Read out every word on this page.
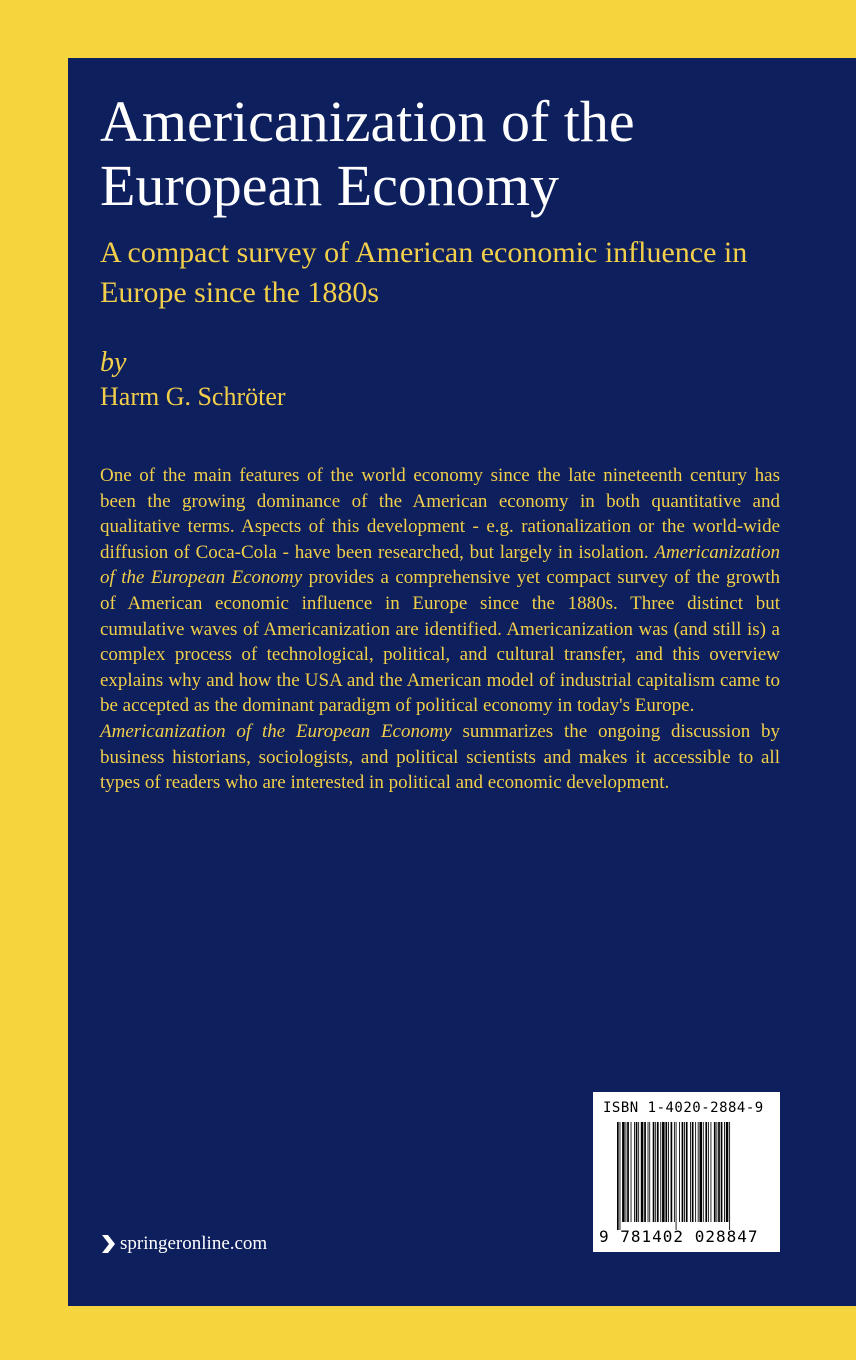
Americanization of the European Economy

A compact survey of American economic influence in Europe since the 1880s

by
Harm G. Schröter

One of the main features of the world economy since the late nineteenth century has been the growing dominance of the American economy in both quantitative and qualitative terms. Aspects of this development - e.g. rationalization or the world-wide diffusion of Coca-Cola - have been researched, but largely in isolation. Americanization of the European Economy provides a comprehensive yet compact survey of the growth of American economic influence in Europe since the 1880s. Three distinct but cumulative waves of Americanization are identified. Americanization was (and still is) a complex process of technological, political, and cultural transfer, and this overview explains why and how the USA and the American model of industrial capitalism came to be accepted as the dominant paradigm of political economy in today's Europe.

Americanization of the European Economy summarizes the ongoing discussion by business historians, sociologists, and political scientists and makes it accessible to all types of readers who are interested in political and economic development.

ISBN 1-4020-2884-9
9 781402 028847
springeronline.com
